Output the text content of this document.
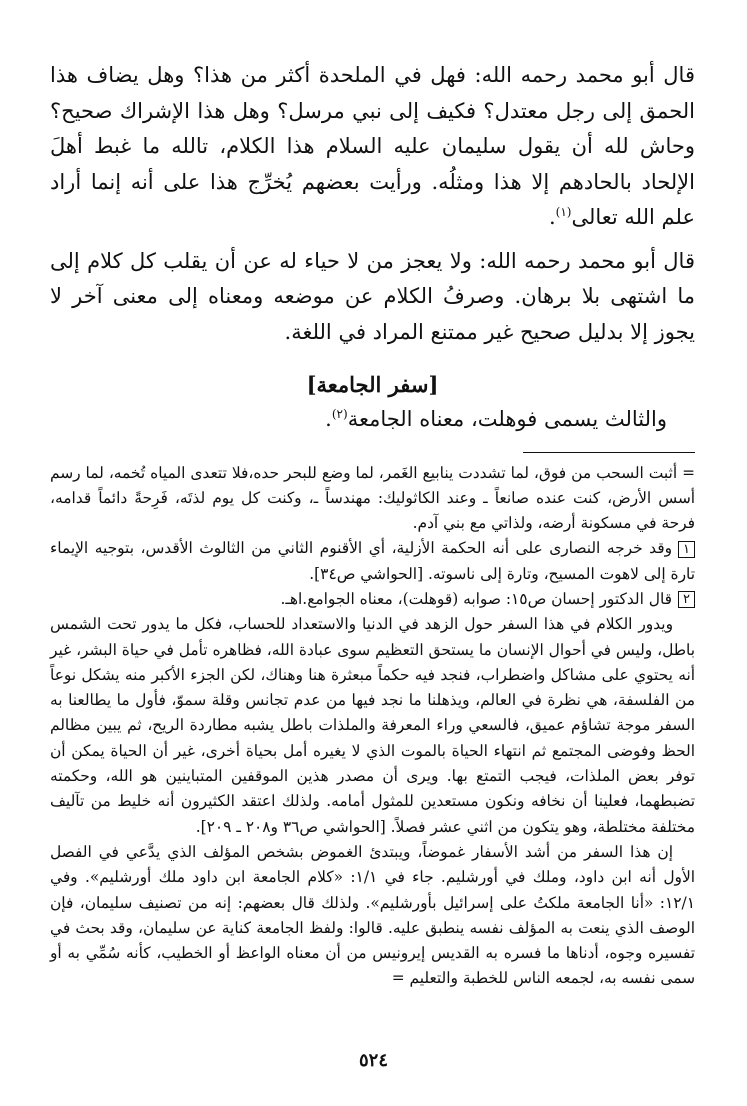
قال أبو محمد رحمه الله: فهل في الملحدة أكثر من هذا؟ وهل يضاف هذا الحمق إلى رجل معتدل؟ فكيف إلى نبي مرسل؟ وهل هذا الإشراك صحيح؟ وحاش لله أن يقول سليمان عليه السلام هذا الكلام، تالله ما غبط أهلَ الإلحاد بالحادهم إلا هذا ومثلُه. ورأيت بعضهم يُخرِّج هذا على أنه إنما أراد علم الله تعالى$^{(١)}$.

قال أبو محمد رحمه الله: ولا يعجز من لا حياء له عن أن يقلب كل كلام إلى ما اشتهى بلا برهان. وصرفُ الكلام عن موضعه ومعناه إلى معنى آخر لا يجوز إلا بدليل صحيح غير ممتنع المراد في اللغة.

[سفر الجامعة]

والثالث يسمى فوهلت، معناه الجامعة$^{(٢)}$.

= أثبت السحب من فوق، لما تشددت ينابيع الغَمر، لما وضع للبحر حده،فلا تتعدى المياه تُخمه، لما رسم أسس الأرض، كنت عنده صانعاً ـ وعند الكاثوليك: مهندساً ـ، وكنت كل يوم لذتَه، فَرِحةً دائماً قدامه، فرحة في مسكونة أرضه، ولذاتي مع بني آدم.

١وقد خرجه النصارى على أنه الحكمة الأزلية، أي الأقنوم الثاني من الثالوث الأقدس، بتوجيه الإيماء تارة إلى لاهوت المسيح، وتارة إلى ناسوته. [الحواشي ص٣٤].

٢قال الدكتور إحسان ص١٥: صوابه (قوهلت)، معناه الجوامع.اهـ.

ويدور الكلام في هذا السفر حول الزهد في الدنيا والاستعداد للحساب، فكل ما يدور تحت الشمس باطل، وليس في أحوال الإنسان ما يستحق التعظيم سوى عبادة الله، فظاهره تأمل في حياة البشر، غير أنه يحتوي على مشاكل واضطراب، فنجد فيه حكماً مبعثرة هنا وهناك، لكن الجزء الأكبر منه يشكل نوعاً من الفلسفة، هي نظرة في العالم، ويذهلنا ما نجد فيها من عدم تجانس وقلة سموّ، فأول ما يطالعنا به السفر موجة تشاؤم عميق، فالسعي وراء المعرفة والملذات باطل يشبه مطاردة الريح، ثم يبين مظالم الحظ وفوضى المجتمع ثم انتهاء الحياة بالموت الذي لا يغيره أمل بحياة أخرى، غير أن الحياة يمكن أن توفر بعض الملذات، فيجب التمتع بها. ويرى أن مصدر هذين الموقفين المتباينين هو الله، وحكمته تضبطهما، فعلينا أن نخافه ونكون مستعدين للمثول أمامه. ولذلك اعتقد الكثيرون أنه خليط من تآليف مختلفة مختلطة، وهو يتكون من اثني عشر فصلاً. [الحواشي ص٣٦ و٢٠٨ ـ ٢٠٩].

إن هذا السفر من أشد الأسفار غموضاً، ويبتدئ الغموض بشخص المؤلف الذي يدَّعي في الفصل الأول أنه ابن داود، وملك في أورشليم. جاء في ١/١: «كلام الجامعة ابن داود ملك أورشليم». وفي ١٢/١: «أنا الجامعة ملكتُ على إسرائيل بأورشليم». ولذلك قال بعضهم: إنه من تصنيف سليمان، فإن الوصف الذي ينعت به المؤلف نفسه ينطبق عليه. قالوا: ولفظ الجامعة كناية عن سليمان، وقد بحث في تفسيره وجوه، أدناها ما فسره به القديس إيرونيس من أن معناه الواعظ أو الخطيب، كأنه سُمِّي به أو سمى نفسه به، لجمعه الناس للخطبة والتعليم =

٥٢٤
